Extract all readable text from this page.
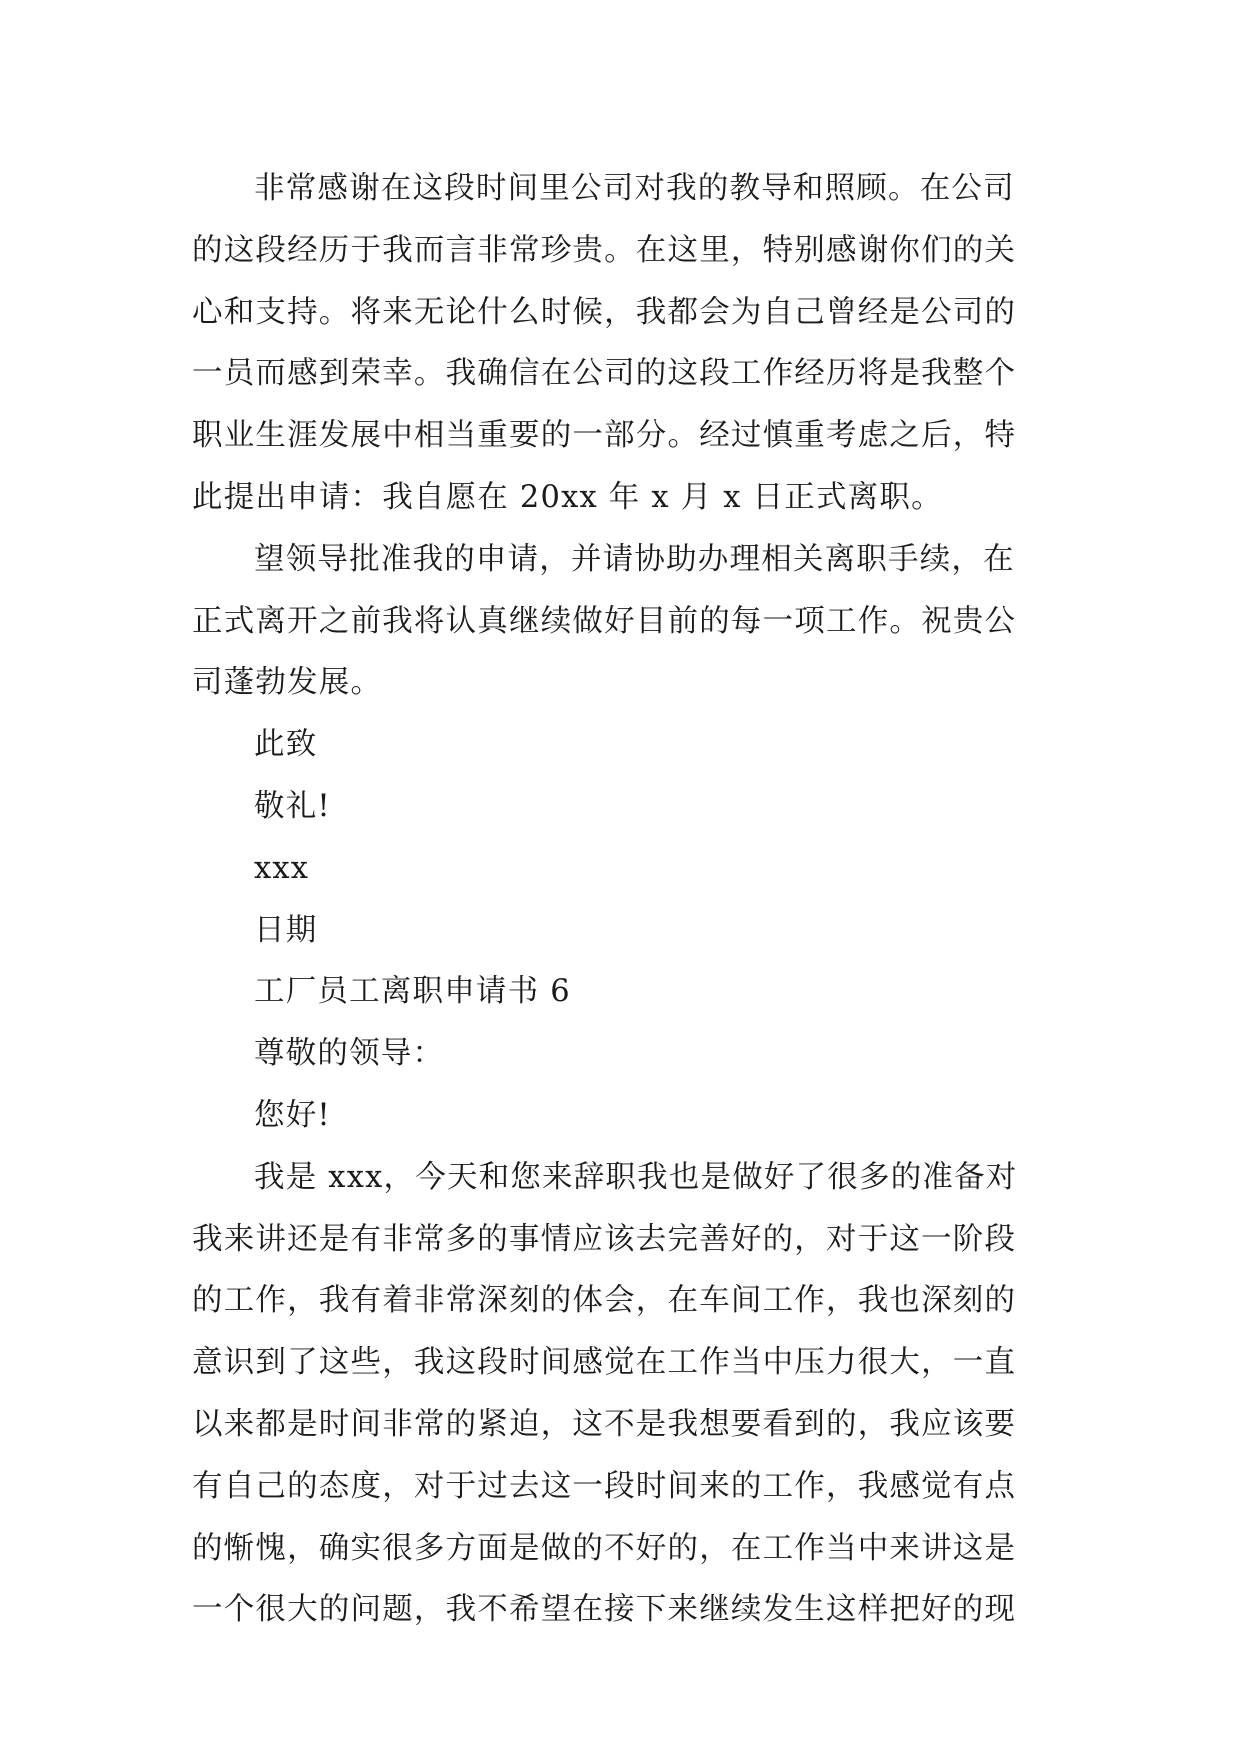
非常感谢在这段时间里公司对我的教导和照顾。在公司
的这段经历于我而言非常珍贵。在这里，特别感谢你们的关
心和支持。将来无论什么时候，我都会为自己曾经是公司的
一员而感到荣幸。我确信在公司的这段工作经历将是我整个
职业生涯发展中相当重要的一部分。经过慎重考虑之后，特
此提出申请：我自愿在 20xx 年 x 月 x 日正式离职。
望领导批准我的申请，并请协助办理相关离职手续，在
正式离开之前我将认真继续做好目前的每一项工作。祝贵公
司蓬勃发展。
此致
敬礼!
xxx
日期
工厂员工离职申请书 6
尊敬的领导：
您好!
我是 xxx，今天和您来辞职我也是做好了很多的准备对
我来讲还是有非常多的事情应该去完善好的，对于这一阶段
的工作，我有着非常深刻的体会，在车间工作，我也深刻的
意识到了这些，我这段时间感觉在工作当中压力很大，一直
以来都是时间非常的紧迫，这不是我想要看到的，我应该要
有自己的态度，对于过去这一段时间来的工作，我感觉有点
的惭愧，确实很多方面是做的不好的，在工作当中来讲这是
一个很大的问题，我不希望在接下来继续发生这样把好的现
